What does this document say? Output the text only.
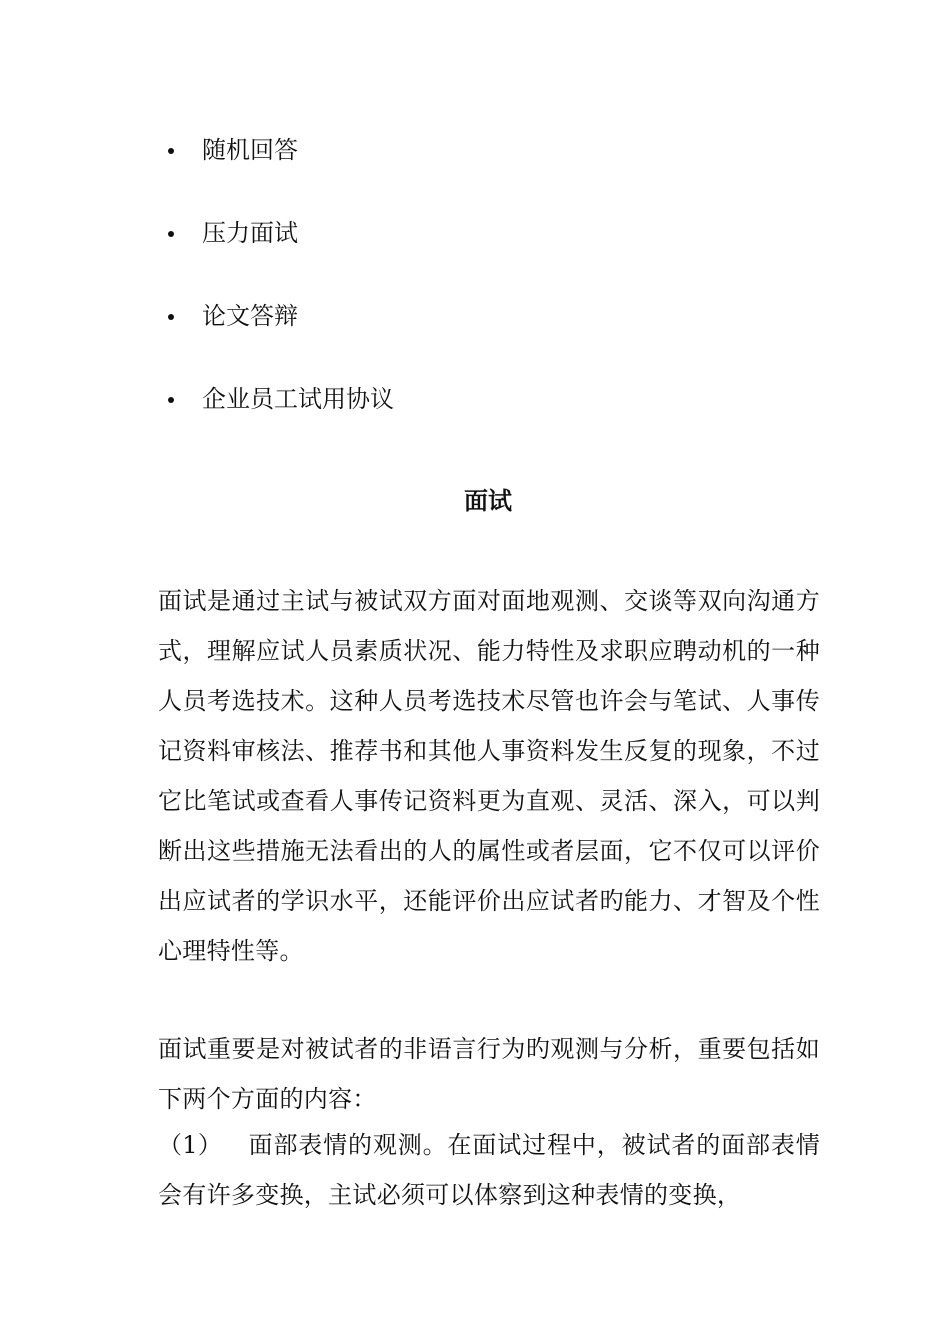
随机回答
压力面试
论文答辩
企业员工试用协议
面试

面试是通过主试与被试双方面对面地观测、交谈等双向沟通方式，理解应试人员素质状况、能力特性及求职应聘动机的一种人员考选技术。这种人员考选技术尽管也许会与笔试、人事传记资料审核法、推荐书和其他人事资料发生反复的现象，不过它比笔试或查看人事传记资料更为直观、灵活、深入，可以判断出这些措施无法看出的人的属性或者层面，它不仅可以评价出应试者的学识水平，还能评价出应试者旳能力、才智及个性心理特性等。

面试重要是对被试者的非语言行为旳观测与分析，重要包括如下两个方面的内容：

（1） 面部表情的观测。在面试过程中，被试者的面部表情会有许多变换，主试必须可以体察到这种表情的变换，
